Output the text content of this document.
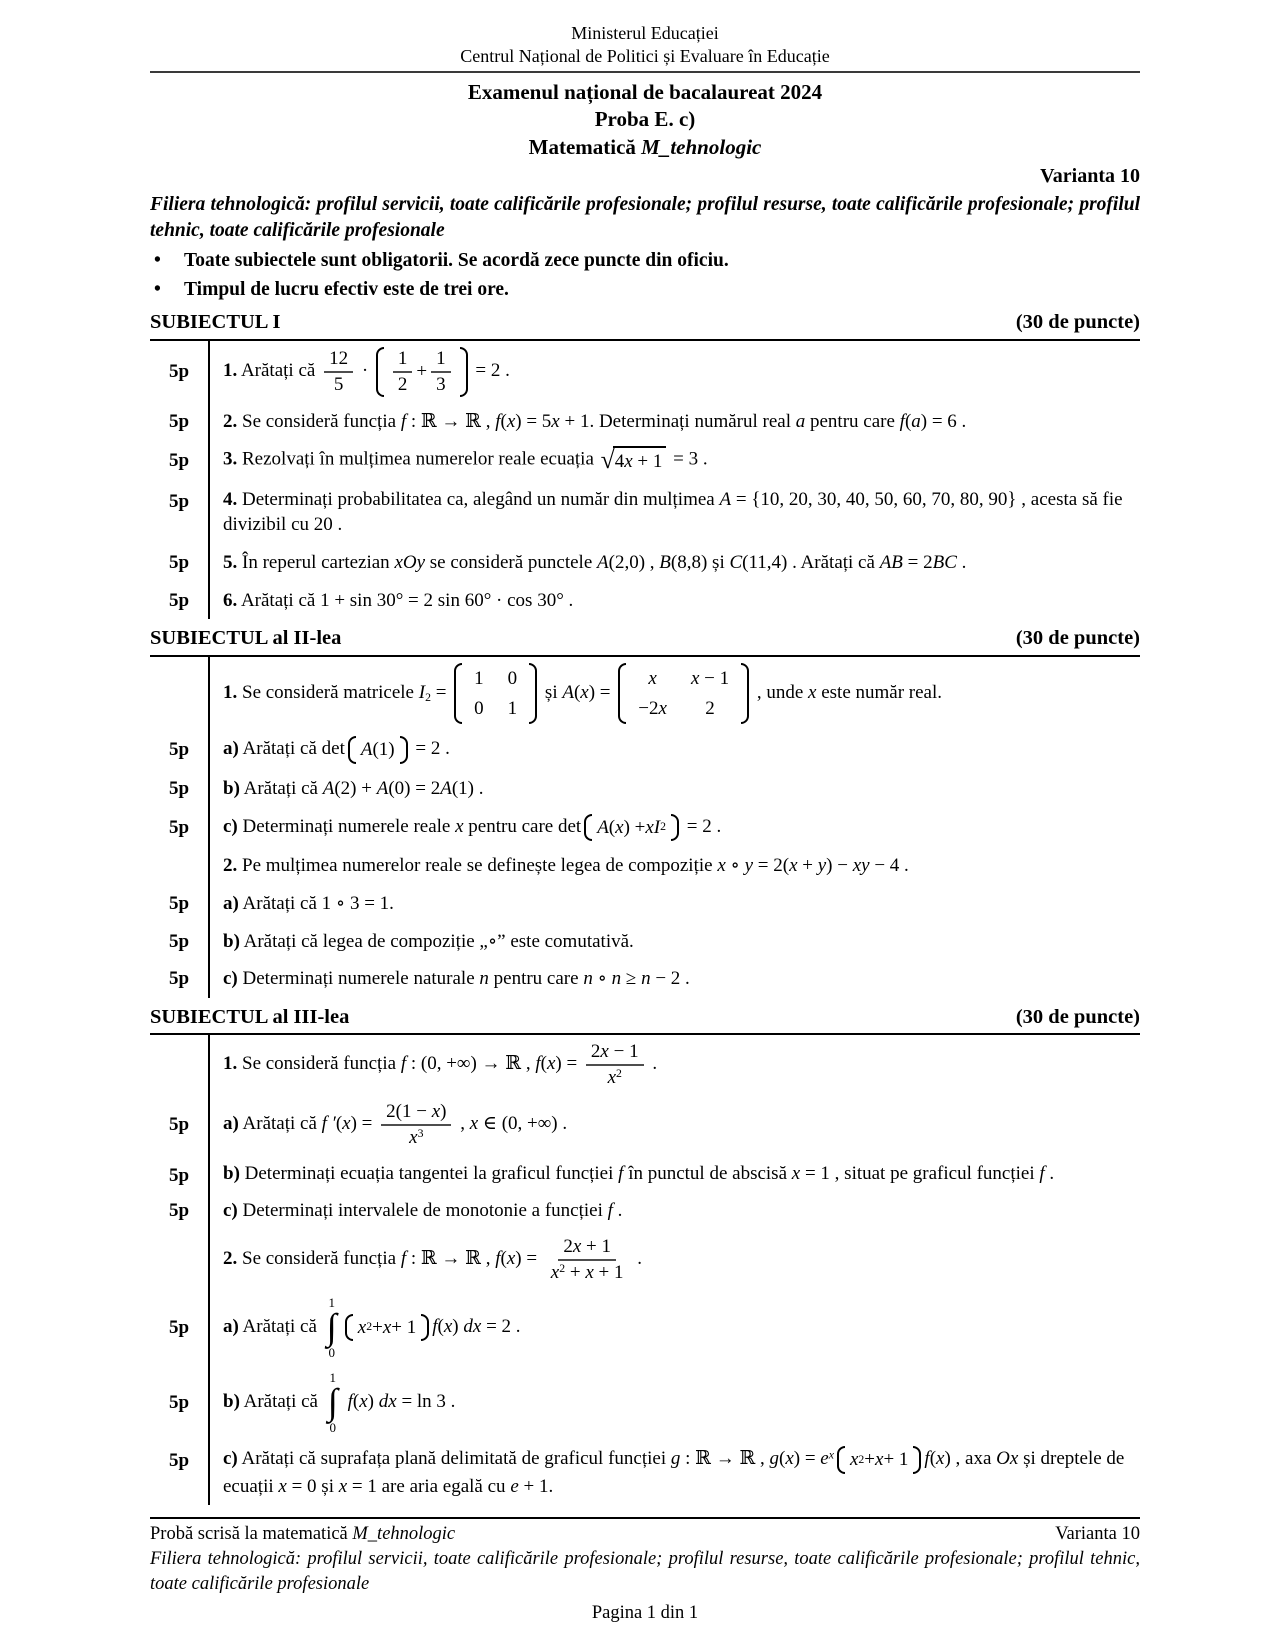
Ministerul Educației
Centrul Național de Politici și Evaluare în Educație
Examenul național de bacalaureat 2024
Proba E. c)
Matematică M_tehnologic
Varianta 10
Filiera tehnologică: profilul servicii, toate calificările profesionale; profilul resurse, toate calificările profesionale; profilul tehnic, toate calificările profesionale
•	Toate subiectele sunt obligatorii. Se acordă zece puncte din oficiu.
•	Timpul de lucru efectiv este de trei ore.
SUBIECTUL I	(30 de puncte)
5p	1. Arătați că $\frac{12}{5}$ ·
1
2
+ $\frac{1}{3} = 2$ .
5p	2. Se consideră funcția f : ℝ → ℝ , f(x) = 5x + 1. Determinați numărul real a pentru care f(a) = 6 .
5p	3. Rezolvați în mulțimea numerelor reale ecuația √ 4x + 1 = 3 .
5p	4. Determinați probabilitatea ca, alegând un număr din mulțimea A = {10, 20, 30, 40, 50, 60, 70, 80, 90} , acesta să fie divizibil cu 20 .
5p	5. În reperul cartezian xOy se consideră punctele A(2,0) , B(8,8) și C(11,4) . Arătați că AB = 2BC .
5p	6. Arătați că 1 + sin 30° = 2 sin 60° · cos 30° .
SUBIECTUL al II-lea	(30 de puncte)
1. Se consideră matricele $I_2$ =
1 0
0 1
și A(x) =
x x − 1
−2x 2
, unde x este număr real.
5p	a) Arătați că det A (1) = 2 .
5p	b) Arătați că A(2) + A(0) = 2A(1) .
5p	c) Determinați numerele reale x pentru care det A ( x ) + x I 2 = 2 .
2. Pe mulțimea numerelor reale se definește legea de compoziție x ∘ y = 2(x + y) − xy − 4 .
5p	a) Arătați că 1 ∘ 3 = 1.
5p	b) Arătați că legea de compoziție „∘” este comutativă.
5p	c) Determinați numerele naturale n pentru care n ∘ n ≥ n − 2 .
SUBIECTUL al III-lea	(30 de puncte)
1. Se consideră funcția f : (0, +∞) → ℝ , $f(x) = \frac{2x - 1}{x^2}$ .
5p	a) Arătați că f $'(x) = \frac{2(1 - x)}{x^3}$ , x ∈ (0, +∞) .
5p	b) Determinați ecuația tangentei la graficul funcției f în punctul de abscisă x = 1 , situat pe graficul funcției f .
5p	c) Determinați intervalele de monotonie a funcției f .
2. Se consideră funcția f : ℝ → ℝ , $f(x) = \frac{2x + 1}{x^2 + x + 1}$ .
5p	a) Arătați că
1
∫
0
x 2 + x + 1 f(x) dx = 2 .
5p	b) Arătați că
1
∫
0
f(x) dx = ln 3 .
5p	c) Arătați că suprafața plană delimitată de graficul funcției g : ℝ → ℝ , $g(x) = e^x$ x 2 + x + 1 f(x) , axa Ox și dreptele de ecuații x = 0 și x = 1 are aria egală cu e + 1.
Probă scrisă la matematică M_tehnologic	Varianta 10
Filiera tehnologică: profilul servicii, toate calificările profesionale; profilul resurse, toate calificările profesionale; profilul tehnic, toate calificările profesionale
Pagina 1 din 1
